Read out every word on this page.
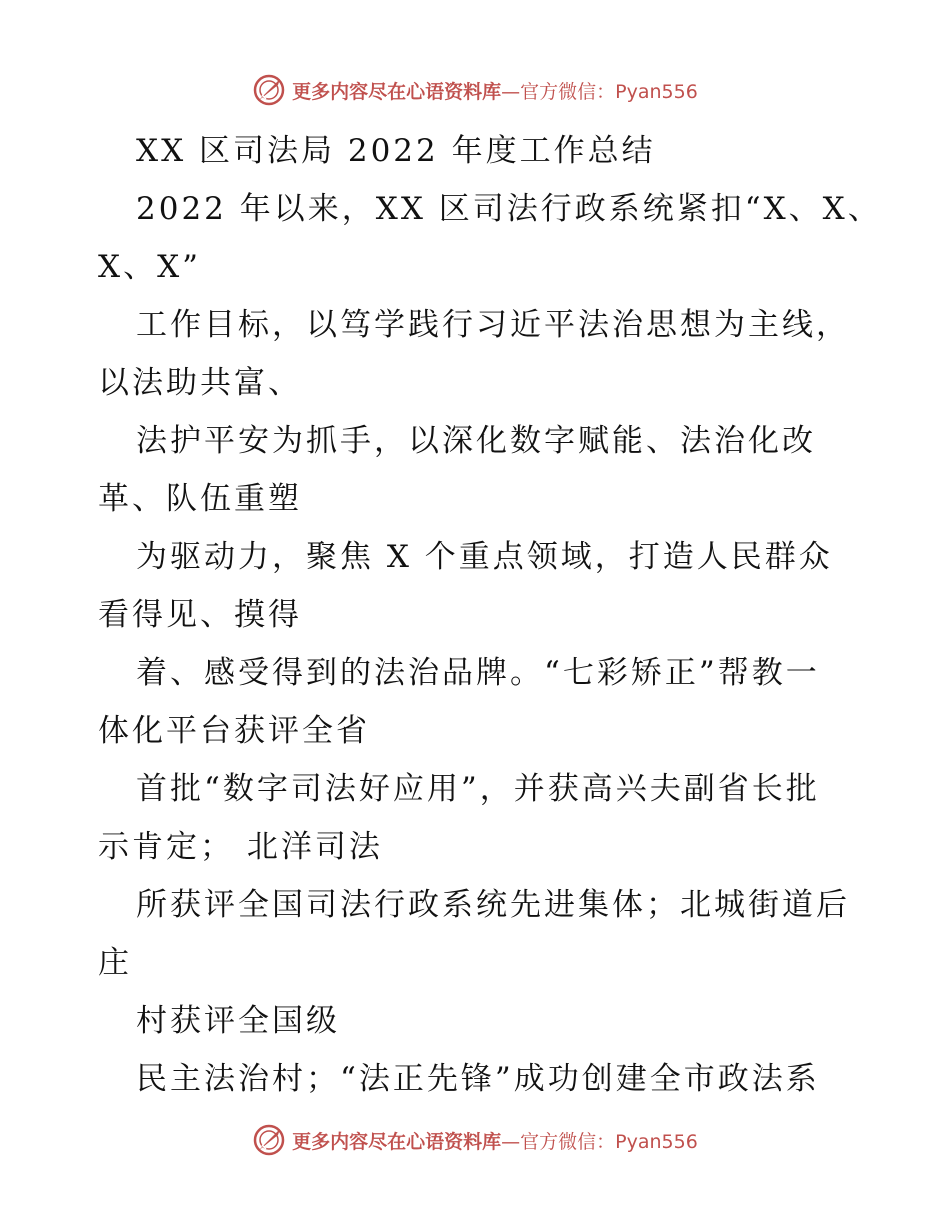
更多内容尽在心语资料库—官方微信：Pyan556
XX 区司法局 2022 年度工作总结
2022 年以来，XX 区司法行政系统紧扣“X、X、
X、X”
工作目标，以笃学践行习近平法治思想为主线，
以法助共富、
法护平安为抓手，以深化数字赋能、法治化改
革、队伍重塑
为驱动力，聚焦 X 个重点领域，打造人民群众
看得见、摸得
着、感受得到的法治品牌。“七彩矫正”帮教一
体化平台获评全省
首批“数字司法好应用”，并获高兴夫副省长批
示肯定； 北洋司法
所获评全国司法行政系统先进集体；北城街道后
庄
村获评全国级
民主法治村；“法正先锋”成功创建全市政法系
更多内容尽在心语资料库—官方微信：Pyan556
